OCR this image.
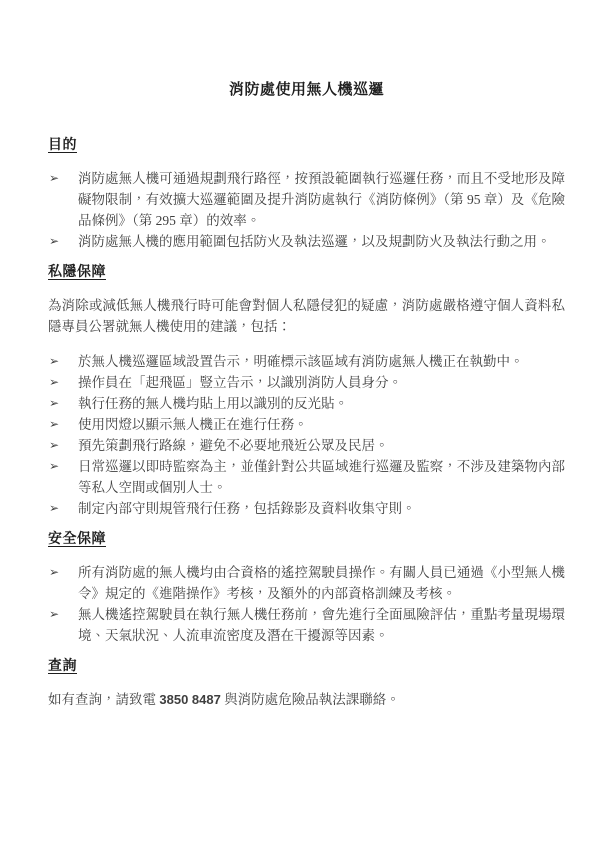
消防處使用無人機巡邏
目的
➢ 消防處無人機可通過規劃飛行路徑，按預設範圍執行巡邏任務，而且不受地形及障礙物限制，有效擴大巡邏範圍及提升消防處執行《消防條例》（第 95 章）及《危險品條例》（第 295 章）的效率。
➢ 消防處無人機的應用範圍包括防火及執法巡邏，以及規劃防火及執法行動之用。
私隱保障

為消除或減低無人機飛行時可能會對個人私隱侵犯的疑慮，消防處嚴格遵守個人資料私隱專員公署就無人機使用的建議，包括：

➢ 於無人機巡邏區域設置告示，明確標示該區域有消防處無人機正在執勤中。
➢ 操作員在「起飛區」豎立告示，以識別消防人員身分。
➢ 執行任務的無人機均貼上用以識別的反光貼。
➢ 使用閃燈以顯示無人機正在進行任務。
➢ 預先策劃飛行路線，避免不必要地飛近公眾及民居。
➢ 日常巡邏以即時監察為主，並僅針對公共區域進行巡邏及監察，不涉及建築物內部等私人空間或個別人士。
➢ 制定內部守則規管飛行任務，包括錄影及資料收集守則。
安全保障
➢ 所有消防處的無人機均由合資格的遙控駕駛員操作。有關人員已通過《小型無人機令》規定的《進階操作》考核，及額外的內部資格訓練及考核。
➢ 無人機遙控駕駛員在執行無人機任務前，會先進行全面風險評估，重點考量現場環境、天氣狀況、人流車流密度及潛在干擾源等因素。
查詢

如有查詢，請致電 3850 8487 與消防處危險品執法課聯絡。
